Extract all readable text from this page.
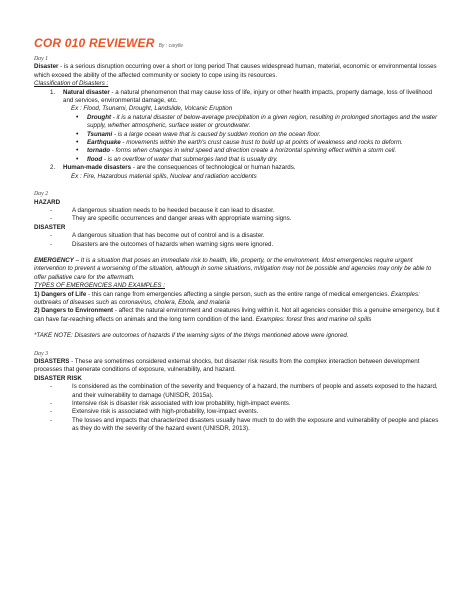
COR 010 REVIEWER By : carylle

Day 1

Disaster - is a serious disruption occurring over a short or long period That causes widespread human, material, economic or environmental losses which exceed the ability of the affected community or society to cope using its resources.

Classification of Disasters :

1.	Natural disaster - a natural phenomenon that may cause loss of life, injury or other health impacts, property damage, loss of livelihood and services, environmental damage, etc.

Ex : Flood, Tsunami, Drought, Landslide, Volcanic Eruption

•	Drought - it is a natural disaster of below-average precipitation in a given region, resulting in prolonged shortages and the water supply, whether atmospheric, surface water or groundwater.
•	Tsunami - is a large ocean wave that is caused by sudden motion on the ocean floor.
•	Earthquake - movements within the earth's crust cause trust to build up at points of weakness and rocks to deform.
•	tornado - forms when changes in wind speed and direction create a horizontal spinning effect within a storm cell.
•	flood - is an overflow of water that submerges land that is usually dry.
2.	Human-made disasters - are the consequences of technological or human hazards.

Ex : Fire, Hazardous material spills, Nuclear and radiation accidents

Day 2

HAZARD

-	A dangerous situation needs to be heeded because it can lead to disaster.
-	They are specific occurrences and danger areas with appropriate warning signs.

DISASTER

-	A dangerous situation that has become out of control and is a disaster.
-	Disasters are the outcomes of hazards when warning signs were ignored.

EMERGENCY – It is a situation that poses an immediate risk to health, life, property, or the environment. Most emergencies require urgent intervention to prevent a worsening of the situation, although in some situations, mitigation may not be possible and agencies may only be able to offer palliative care for the aftermath.

TYPES OF EMERGENCIES AND EXAMPLES :

1) Dangers of Life - this can range from emergencies affecting a single person, such as the entire range of medical emergencies. Examples: outbreaks of diseases such as coronavirus, cholera, Ebola, and malaria

2) Dangers to Environment - affect the natural environment and creatures living within it. Not all agencies consider this a genuine emergency, but it can have far-reaching effects on animals and the long term condition of the land. Examples: forest fires and marine oil spills

*TAKE NOTE: Disasters are outcomes of hazards if the warning signs of the things mentioned above were ignored.

Day 3

DISASTERS - These are sometimes considered external shocks, but disaster risk results from the complex interaction between development processes that generate conditions of exposure, vulnerability, and hazard.

DISASTER RISK

-	Is considered as the combination of the severity and frequency of a hazard, the numbers of people and assets exposed to the hazard, and their vulnerability to damage (UNISDR, 2015a).
-	Intensive risk is disaster risk associated with low probability, high-impact events.
-	Extensive risk is associated with high-probability, low-impact events.
-	The losses and impacts that characterized disasters usually have much to do with the exposure and vulnerability of people and places as they do with the severity of the hazard event (UNISDR, 2013).
